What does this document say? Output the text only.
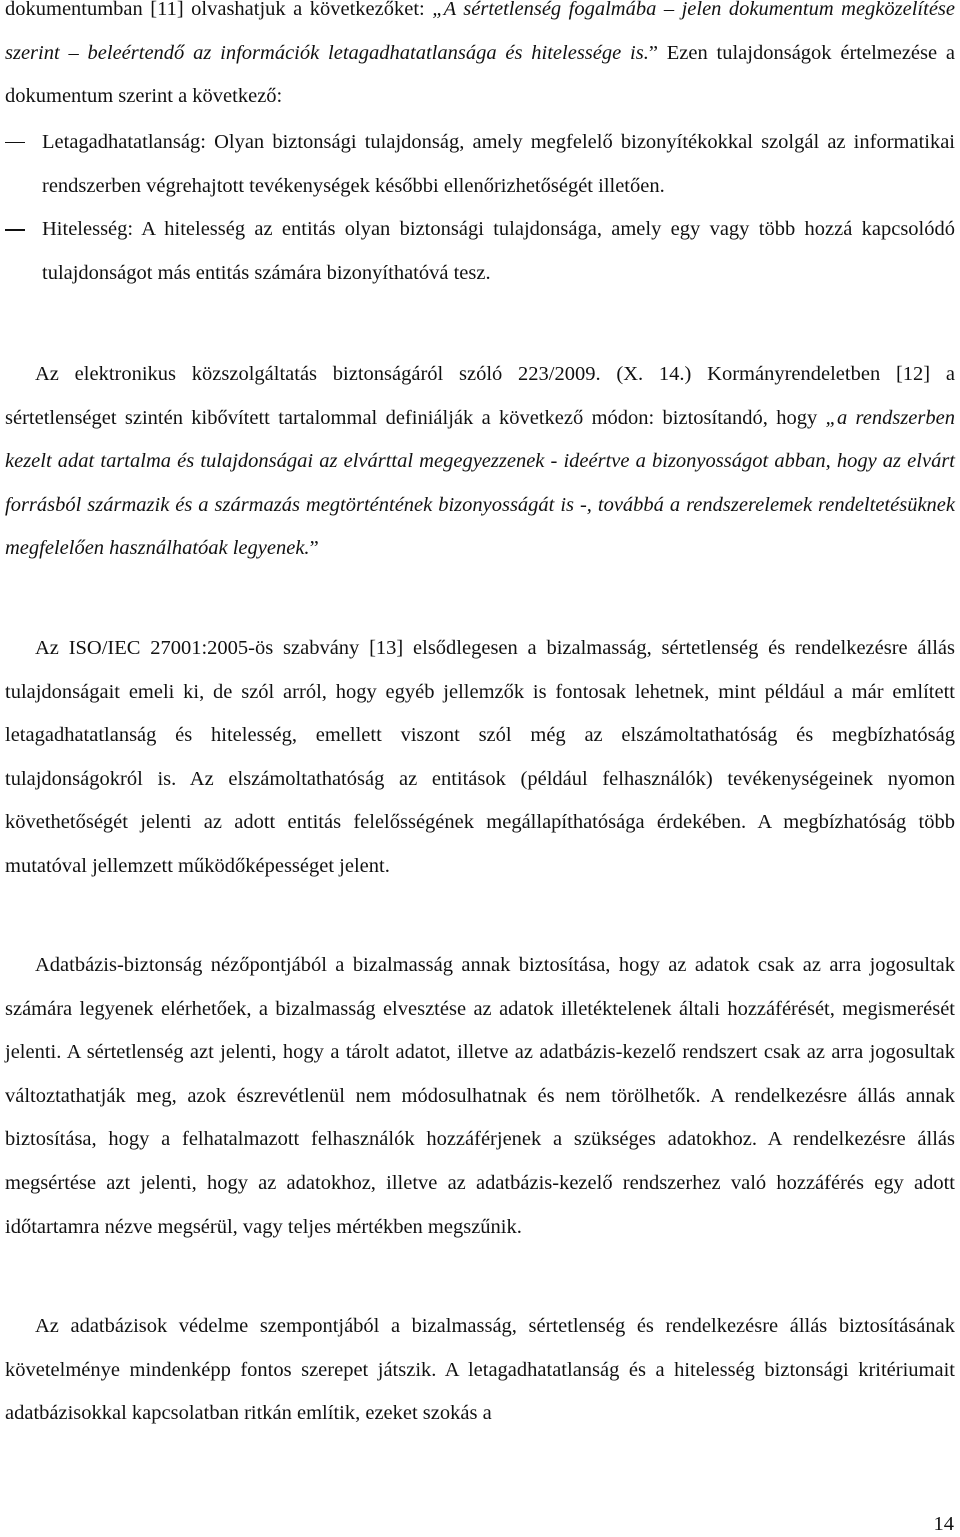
dokumentumban [11] olvashatjuk a következőket: „A sértetlenség fogalmába – jelen dokumentum megközelítése szerint – beleértendő az információk letagadhatatlansága és hitelessége is.” Ezen tulajdonságok értelmezése a dokumentum szerint a következő:

Letagadhatatlanság: Olyan biztonsági tulajdonság, amely megfelelő bizonyítékokkal szolgál az informatikai rendszerben végrehajtott tevékenységek későbbi ellenőrizhetőségét illetően.
Hitelesség: A hitelesség az entitás olyan biztonsági tulajdonsága, amely egy vagy több hozzá kapcsolódó tulajdonságot más entitás számára bizonyíthatóvá tesz.

Az elektronikus közszolgáltatás biztonságáról szóló 223/2009. (X. 14.) Kormányrendeletben [12] a sértetlenséget szintén kibővített tartalommal definiálják a következő módon: biztosítandó, hogy „a rendszerben kezelt adat tartalma és tulajdonságai az elvárttal megegyezzenek - ideértve a bizonyosságot abban, hogy az elvárt forrásból származik és a származás megtörténtének bizonyosságát is -, továbbá a rendszerelemek rendeltetésüknek megfelelően használhatóak legyenek.”

Az ISO/IEC 27001:2005-ös szabvány [13] elsődlegesen a bizalmasság, sértetlenség és rendelkezésre állás tulajdonságait emeli ki, de szól arról, hogy egyéb jellemzők is fontosak lehetnek, mint például a már említett letagadhatatlanság és hitelesség, emellett viszont szól még az elszámoltathatóság és megbízhatóság tulajdonságokról is. Az elszámoltathatóság az entitások (például felhasználók) tevékenységeinek nyomon követhetőségét jelenti az adott entitás felelősségének megállapíthatósága érdekében. A megbízhatóság több mutatóval jellemzett működőképességet jelent.

Adatbázis-biztonság nézőpontjából a bizalmasság annak biztosítása, hogy az adatok csak az arra jogosultak számára legyenek elérhetőek, a bizalmasság elvesztése az adatok illetéktelenek általi hozzáférését, megismerését jelenti. A sértetlenség azt jelenti, hogy a tárolt adatot, illetve az adatbázis-kezelő rendszert csak az arra jogosultak változtathatják meg, azok észrevétlenül nem módosulhatnak és nem törölhetők. A rendelkezésre állás annak biztosítása, hogy a felhatalmazott felhasználók hozzáférjenek a szükséges adatokhoz. A rendelkezésre állás megsértése azt jelenti, hogy az adatokhoz, illetve az adatbázis-kezelő rendszerhez való hozzáférés egy adott időtartamra nézve megsérül, vagy teljes mértékben megszűnik.

Az adatbázisok védelme szempontjából a bizalmasság, sértetlenség és rendelkezésre állás biztosításának követelménye mindenképp fontos szerepet játszik. A letagadhatatlanság és a hitelesség biztonsági kritériumait adatbázisokkal kapcsolatban ritkán említik, ezeket szokás a

14
